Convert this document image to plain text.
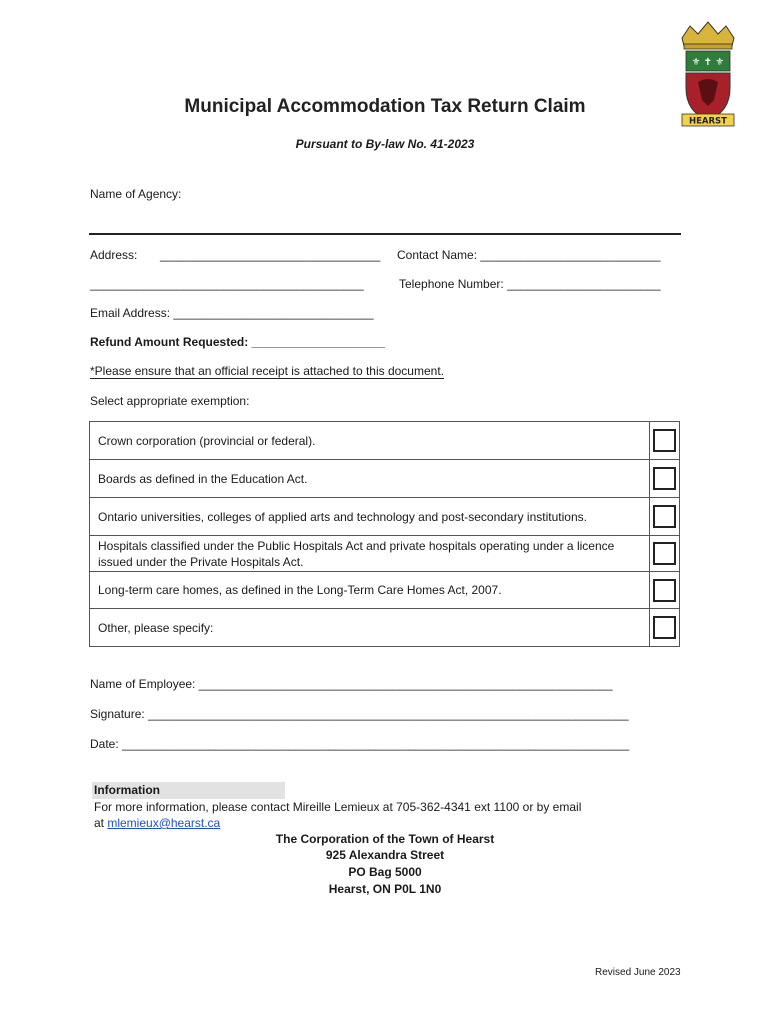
⚜ ✝ ⚜
HEARST
Municipal Accommodation Tax Return Claim
Pursuant to By-law No. 41-2023
Name of Agency:
Address: _________________________________ Contact Name: ___________________________
_________________________________________	Telephone Number: _______________________
Email Address: ______________________________
Refund Amount Requested: ____________________
*Please ensure that an official receipt is attached to this document.
Select appropriate exemption:
Crown corporation (provincial or federal).	
Boards as defined in the Education Act.	
Ontario universities, colleges of applied arts and technology and post-secondary institutions.	
Hospitals classified under the Public Hospitals Act and private hospitals operating under a licence issued under the Private Hospitals Act.	
Long-term care homes, as defined in the Long-Term Care Homes Act, 2007.	
Other, please specify:	
Name of Employee: ______________________________________________________________
Signature: ________________________________________________________________________
Date: ____________________________________________________________________________
Information
For more information, please contact Mireille Lemieux at 705-362-4341 ext 1100 or by email
at mlemieux@hearst.ca
The Corporation of the Town of Hearst
925 Alexandra Street
PO Bag 5000
Hearst, ON P0L 1N0
Revised June 2023
